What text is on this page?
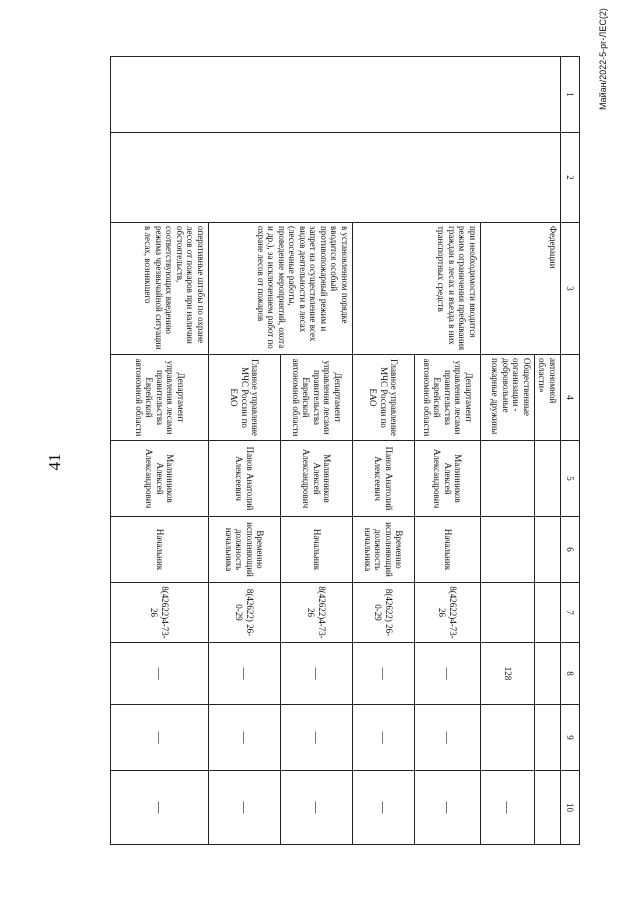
41
Майан/2022-5-рг-ЛЕС(2)
1	2	3	4	5	6	7	8	9	10
		Федерации	автономной области»						
			Общественные организации - добровольные пожарные дружины				128		—
		при необходимости вводится режим ограничения пребывания граждан в лесах и въезда в них транспортных средств	Департамент управления лесами правительства Еврейской автономной области	Малинников Алексей Александрович	Начальник	8(42622)4-73-26	—	—	—
			Главное управление МЧС России по ЕАО	Панов Анатолий Алексеевич	Временно исполняющий должность начальника	8(42622) 26-0-29	—	—	—
		в установленном порядке вводится особый противопожарный режим и запрет на осуществление всех видов деятельности в лесах (лесосечные работы, проведение мероприятий, охота и др.), за исключением работ по охране лесов от пожаров	Департамент управления лесами правительства Еврейской автономной области	Малинников Алексей Александрович	Начальник	8(42622)4-73-26	—	—	—
			Главное управление МЧС России по ЕАО	Панов Анатолий Алексеевич	Временно исполняющий должность начальника	8(42622) 26-0-29	—	—	—
		оперативные штабы по охране лесов от пожаров при наличии обстоятельств, соответствующих введению режима чрезвычайной ситуации в лесах, возникшего	Департамент управления лесами правительства Еврейской автономной области	Малинников Алексей Александрович	Начальник	8(42622)4-73-26	—	—	—
